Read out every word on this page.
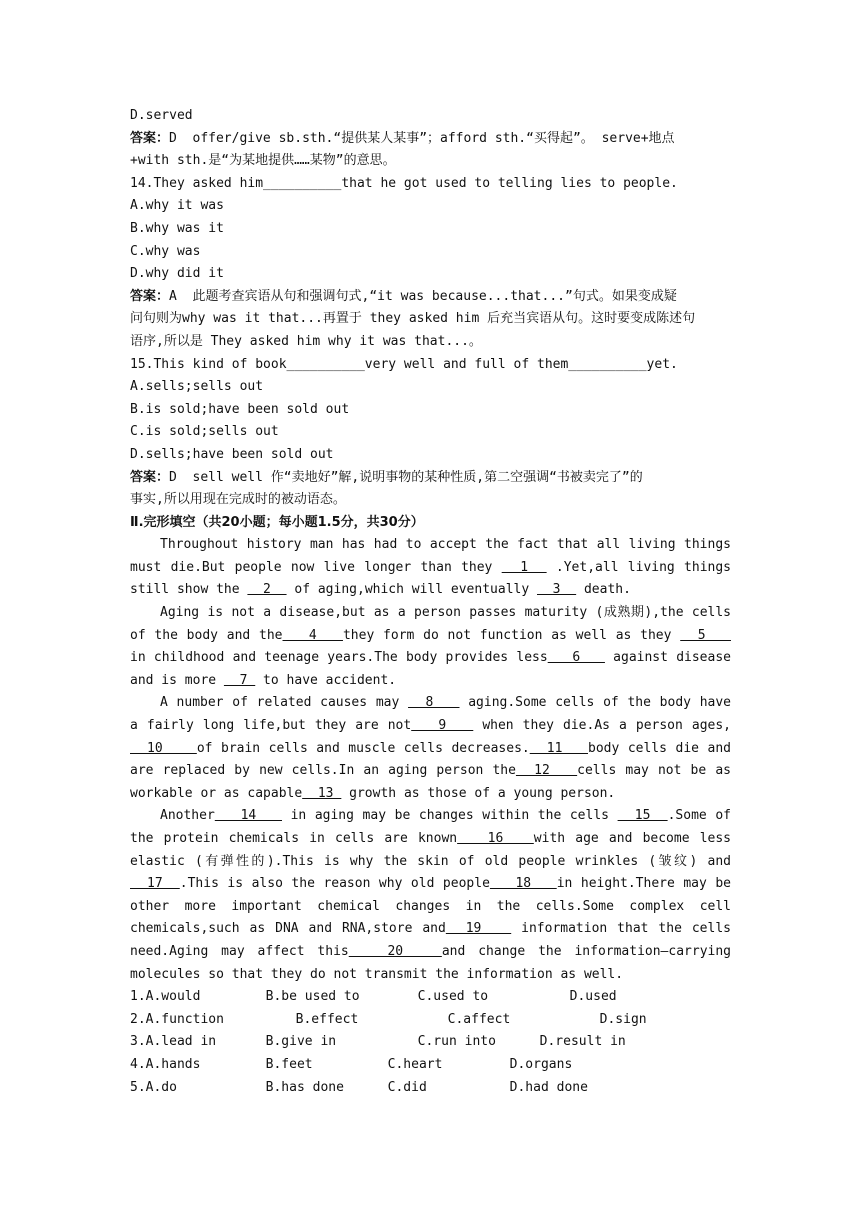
D.served
答案：D  offer/give sb.sth.“提供某人某事”；afford sth.“买得起”。 serve+地点
+with sth.是“为某地提供……某物”的意思。
14.They asked him__________that he got used to telling lies to people.
A.why it was
B.why was it
C.why was
D.why did it
答案：A  此题考查宾语从句和强调句式,“it was because...that...”句式。如果变成疑
问句则为why was it that...再置于 they asked him 后充当宾语从句。这时要变成陈述句
语序,所以是 They asked him why it was that...。
15.This kind of book__________very well and full of them__________yet.
A.sells;sells out
B.is sold;have been sold out
C.is sold;sells out
D.sells;have been sold out
答案：D  sell well 作“卖地好”解,说明事物的某种性质,第二空强调“书被卖完了”的
事实,所以用现在完成时的被动语态。
Ⅱ.完形填空（共20小题；每小题1.5分，共30分）
Throughout history man has had to accept the fact that all living things must die.But people now live longer than they   1   .Yet,all living things still show the   2   of aging,which will eventually   3   death.
Aging is not a disease,but as a person passes maturity (成熟期),the cells of the body and the   4   they form do not function as well as they   5    in childhood and teenage years.The body provides less   6    against disease and is more   7  to have accident.
A number of related causes may   8    aging.Some cells of the body have a fairly long life,but they are not   9    when they die.As a person ages,  10    of brain cells and muscle cells decreases.  11   body cells die and are replaced by new cells.In an aging person the  12   cells may not be as workable or as capable  13  growth as those of a young person.
Another   14    in aging may be changes within the cells   15  .Some of the protein chemicals in cells are known   16   with age and become less elastic (有弹性的).This is why the skin of old people wrinkles (皱纹) and   17  .This is also the reason why old people   18   in height.There may be other more important chemical changes in the cells.Some complex cell chemicals,such as DNA and RNA,store and  19    information that the cells need.Aging may affect this   20   and change the information—carrying molecules so that they do not transmit the information as well.
1. A.would	B.be used to	C.used to	D.used
2. A.function	B.effect	C.affect	D.sign
3. A.lead in	B.give in	C.run into	D.result in
4. A.hands	B.feet	C.heart	D.organs
5. A.do	B.has done	C.did	D.had done
